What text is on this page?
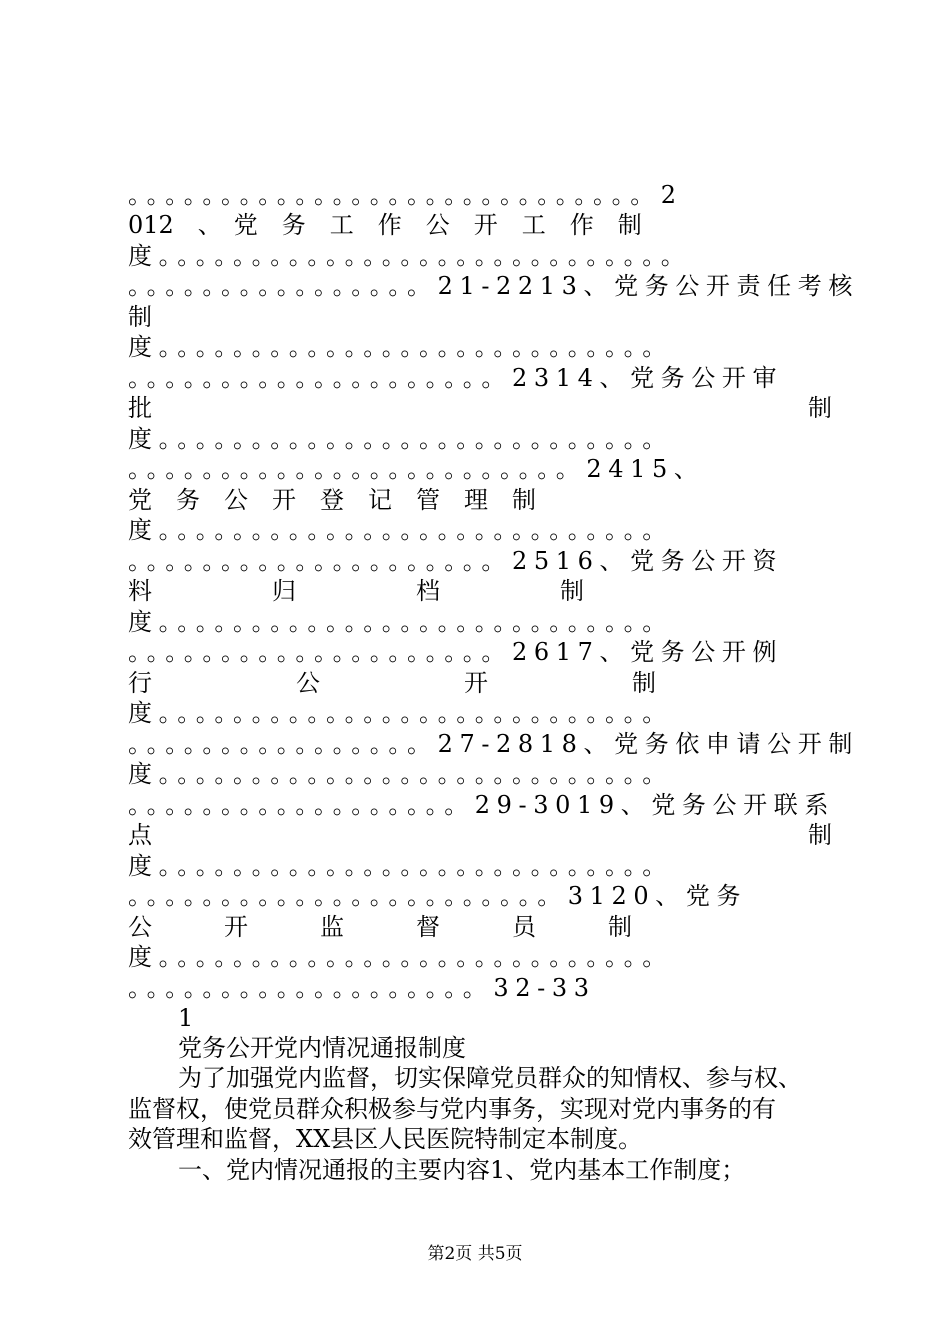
。。。。。。。。。。。。。。。。。。。。。。。。。。。。2
012　、　党　务　工　作　公　开　工　作　制
度。。。。。。。。。。。。。。。。。。。。。。。。。。。。
。。。。。。。。。。。。。。。。21-2213、党务公开责任考核
制
度。。。。。。。。。。。。。。。。。。。。。。。。。。。
。。。。。。。。。。。。。。。。。。。。2314、党务公开审
批	制
度。。。。。。。。。。。。。。。。。。。。。。。。。。。
。。。。。。。。。。。。。。。。。。。。。。。。2415、
党　务　公　开　登　记　管　理　制
度。。。。。。。。。。。。。。。。。。。。。。。。。。。
。。。。。。。。。。。。。。。。。。。。2516、党务公开资
料　　　　　归　　　　　档　　　　　制
度。。。。。。。。。。。。。。。。。。。。。。。。。。。
。。。。。。。。。。。。。。。。。。。。2617、党务公开例
行　　　　　　公　　　　　　开　　　　　　制
度。。。。。。。。。。。。。。。。。。。。。。。。。。。
。。。。。。。。。。。。。。。。27-2818、党务依申请公开制
度。。。。。。。。。。。。。。。。。。。。。。。。。。。
。。。。。。。。。。。。。。。。。。29-3019、党务公开联系
点	制
度。。。。。。。。。。。。。。。。。。。。。。。。。。。
。。。。。。。。。。。。。。。。。。。。。。。3120、党务
公　　　开　　　监　　　督　　　员　　　制
度。。。。。。。。。。。。。。。。。。。。。。。。。。。
。。。。。。。。。。。。。。。。。。。32-33
1
党务公开党内情况通报制度
为了加强党内监督，切实保障党员群众的知情权、参与权、
监督权，使党员群众积极参与党内事务，实现对党内事务的有
效管理和监督，XX县区人民医院特制定本制度。
一、党内情况通报的主要内容1、党内基本工作制度；
第2页 共5页
